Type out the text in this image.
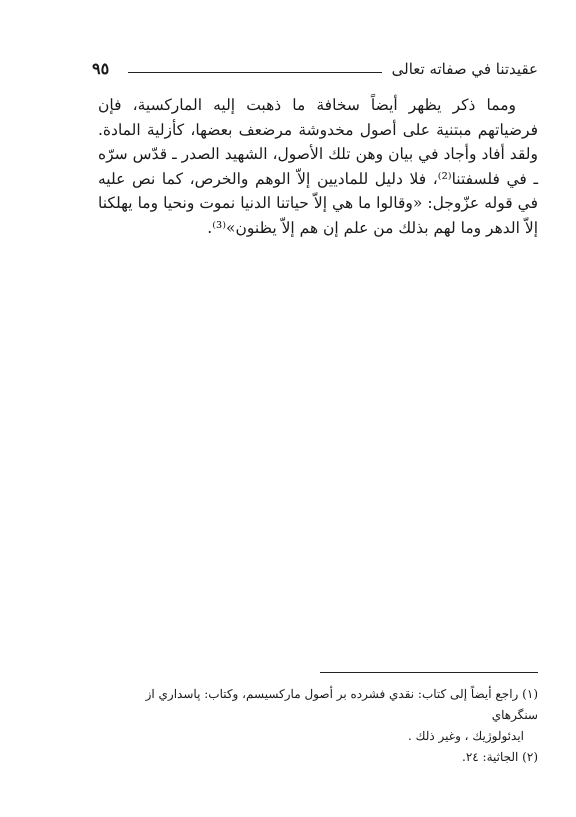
عقيدتنا في صفاته تعالى
٩٥

ومما ذكر يظهر أيضاً سخافة ما ذهبت إليه الماركسية، فإن فرضياتهم مبتنية على أصول مخدوشة مرضعف بعضها، كأزلية المادة. ولقد أفاد وأجاد في بيان وهن تلك الأصول، الشهيد الصدر ـ قدّس سرّه ـ في فلسفتنا⁽²⁾، فلا دليل للماديين إلاّ الوهم والخرص، كما نص عليه في قوله عزّوجل: «وقالوا ما هي إلاّ حياتنا الدنيا نموت ونحيا وما يهلكنا إلاّ الدهر وما لهم بذلك من علم إن هم إلاّ يظنون»⁽³⁾.

(١) راجع أيضاً إلى كتاب: نقدي فشرده بر أصول ماركسيسم، وكتاب: پاسداري از سنگرهاي

ايدئولوژيك ، وغير ذلك .

(٢) الجاثية: ٢٤.
